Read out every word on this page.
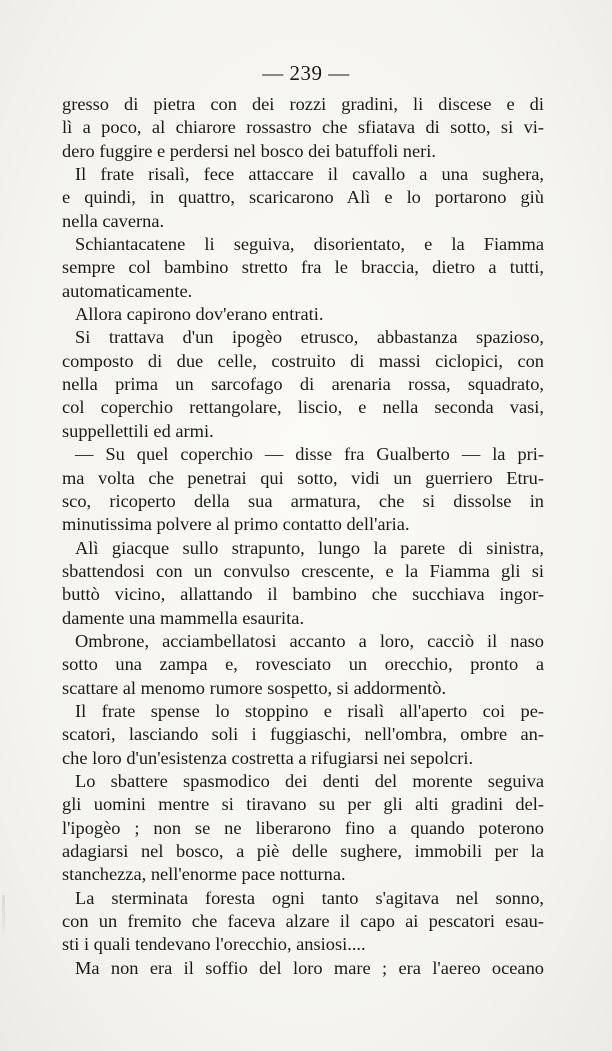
— 239 —
gresso di pietra con dei rozzi gradini, li discese e di
lì a poco, al chiarore rossastro che sfiatava di sotto, si vi-
dero fuggire e perdersi nel bosco dei batuffoli neri.
Il frate risalì, fece attaccare il cavallo a una sughera,
e quindi, in quattro, scaricarono Alì e lo portarono giù
nella caverna.
Schiantacatene li seguiva, disorientato, e la Fiamma
sempre col bambino stretto fra le braccia, dietro a tutti,
automaticamente.
Allora capirono dov'erano entrati.
Si trattava d'un ipogèo etrusco, abbastanza spazioso,
composto di due celle, costruito di massi ciclopici, con
nella prima un sarcofago di arenaria rossa, squadrato,
col coperchio rettangolare, liscio, e nella seconda vasi,
suppellettili ed armi.
— Su quel coperchio — disse fra Gualberto — la pri-
ma volta che penetrai qui sotto, vidi un guerriero Etru-
sco, ricoperto della sua armatura, che si dissolse in
minutissima polvere al primo contatto dell'aria.
Alì giacque sullo strapunto, lungo la parete di sinistra,
sbattendosi con un convulso crescente, e la Fiamma gli si
buttò vicino, allattando il bambino che succhiava ingor-
damente una mammella esaurita.
Ombrone, acciambellatosi accanto a loro, cacciò il naso
sotto una zampa e, rovesciato un orecchio, pronto a
scattare al menomo rumore sospetto, si addormentò.
Il frate spense lo stoppino e risalì all'aperto coi pe-
scatori, lasciando soli i fuggiaschi, nell'ombra, ombre an-
che loro d'un'esistenza costretta a rifugiarsi nei sepolcri.
Lo sbattere spasmodico dei denti del morente seguiva
gli uomini mentre si tiravano su per gli alti gradini del-
l'ipogèo ; non se ne liberarono fino a quando poterono
adagiarsi nel bosco, a piè delle sughere, immobili per la
stanchezza, nell'enorme pace notturna.
La sterminata foresta ogni tanto s'agitava nel sonno,
con un fremito che faceva alzare il capo ai pescatori esau-
sti i quali tendevano l'orecchio, ansiosi....
Ma non era il soffio del loro mare ; era l'aereo oceano
